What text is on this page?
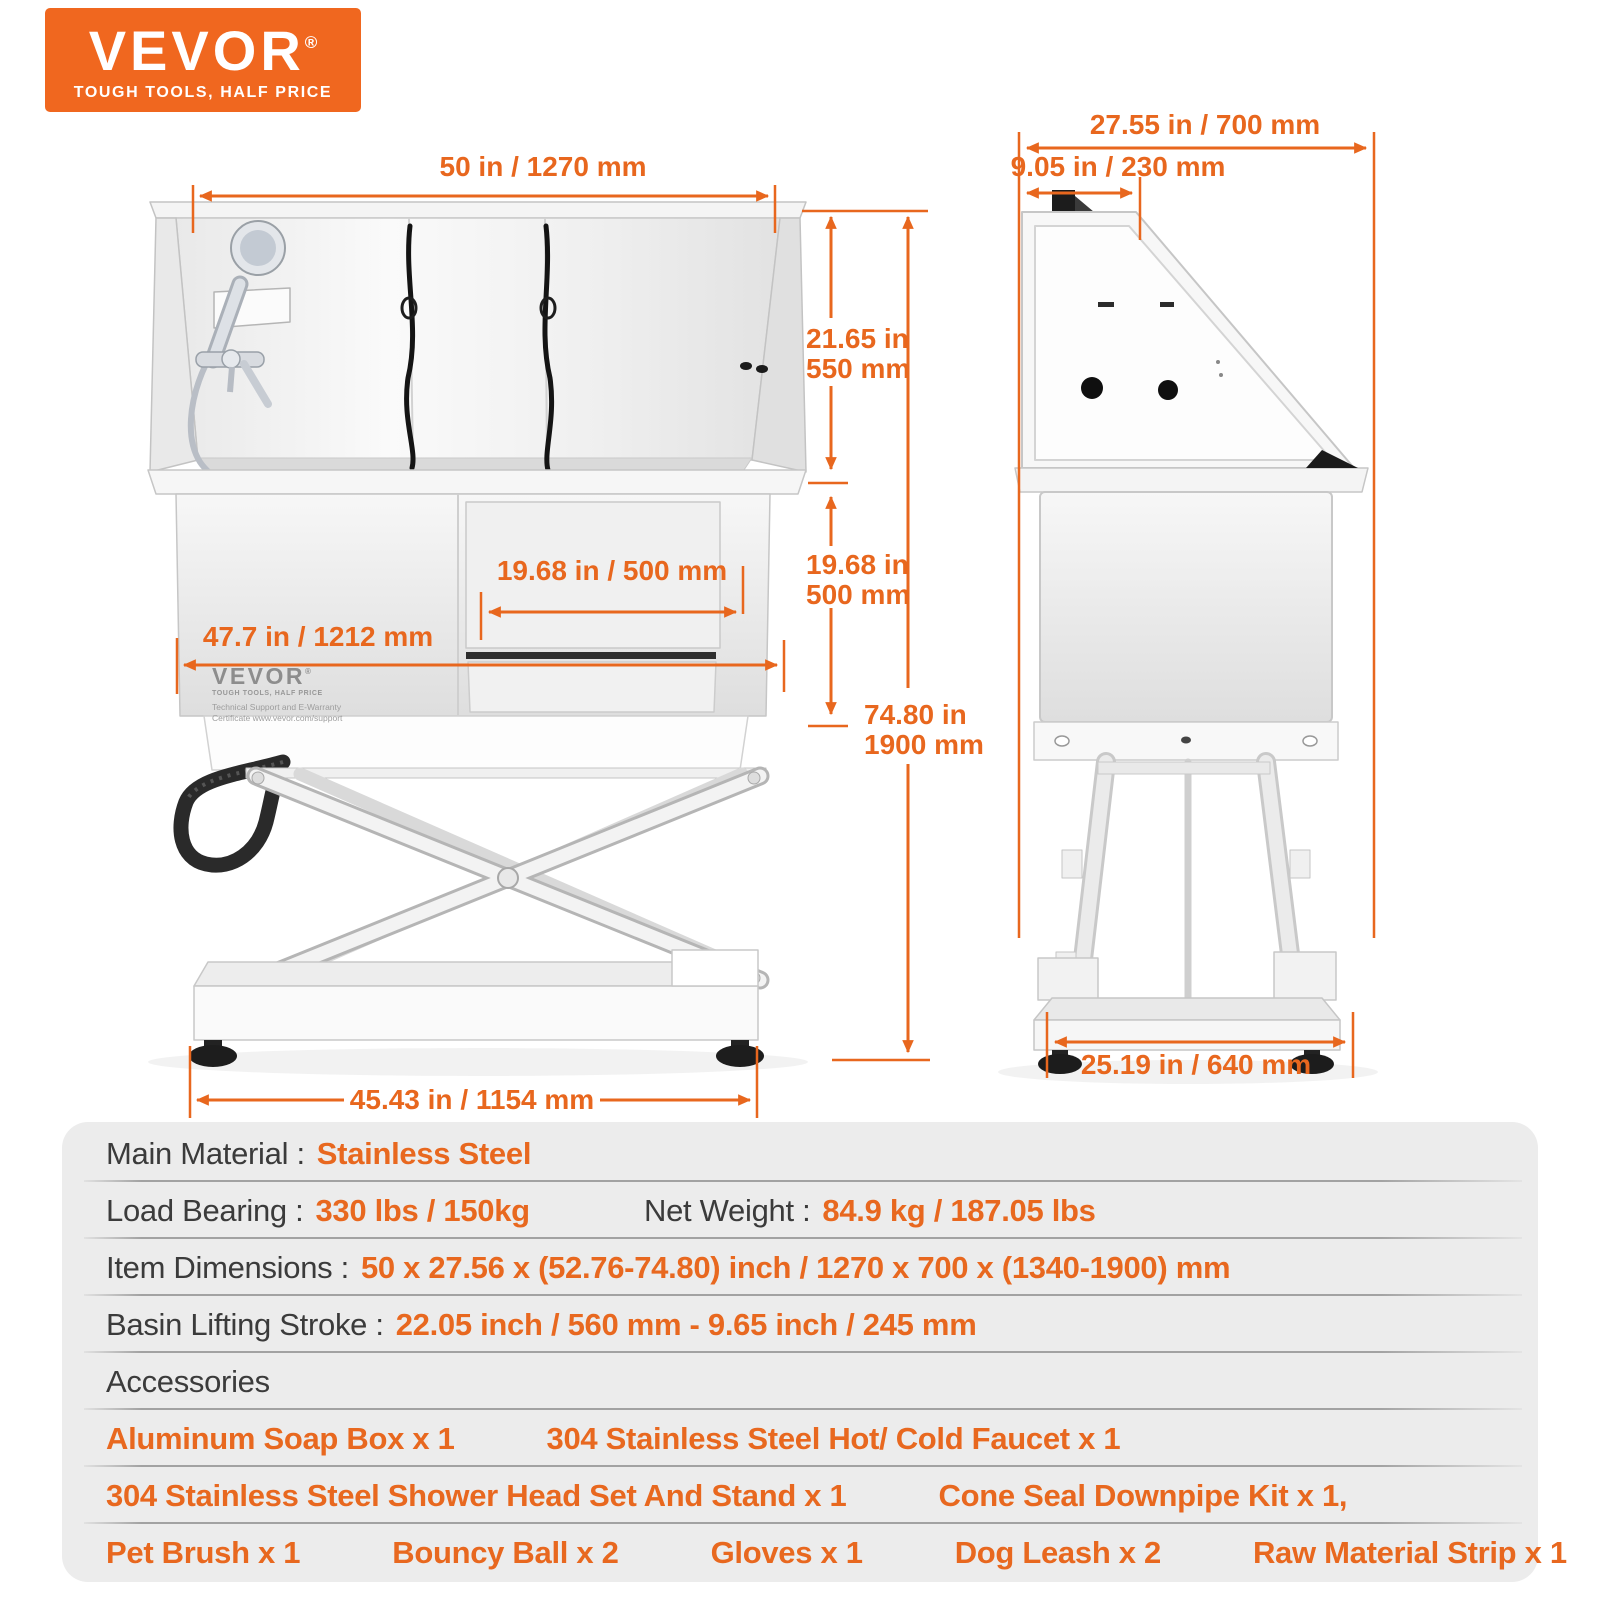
VEVOR®
TOUGH TOOLS, HALF PRICE
50 in / 1270 mm
21.65 in
550 mm
19.68 in
500 mm
74.80 in
1900 mm
19.68 in / 500 mm
47.7 in / 1212 mm
45.43 in / 1154 mm
27.55 in / 700 mm
9.05 in / 230 mm
25.19 in / 640 mm
VEVOR®
TOUGH TOOLS, HALF PRICE
Technical Support and E-Warranty
Certificate www.vevor.com/support
Main Material : Stainless Steel
Load Bearing : 330 lbs / 150kg	Net Weight : 84.9 kg / 187.05 lbs
Item Dimensions : 50 x 27.56 x (52.76-74.80) inch / 1270 x 700 x (1340-1900) mm
Basin Lifting Stroke : 22.05 inch / 560 mm - 9.65 inch / 245 mm
Accessories
Aluminum Soap Box x 1	304 Stainless Steel Hot/ Cold Faucet x 1
304 Stainless Steel Shower Head Set And Stand x 1	Cone Seal Downpipe Kit x 1,
Pet Brush x 1	Bouncy Ball x 2	Gloves x 1	Dog Leash x 2	Raw Material Strip x 1
